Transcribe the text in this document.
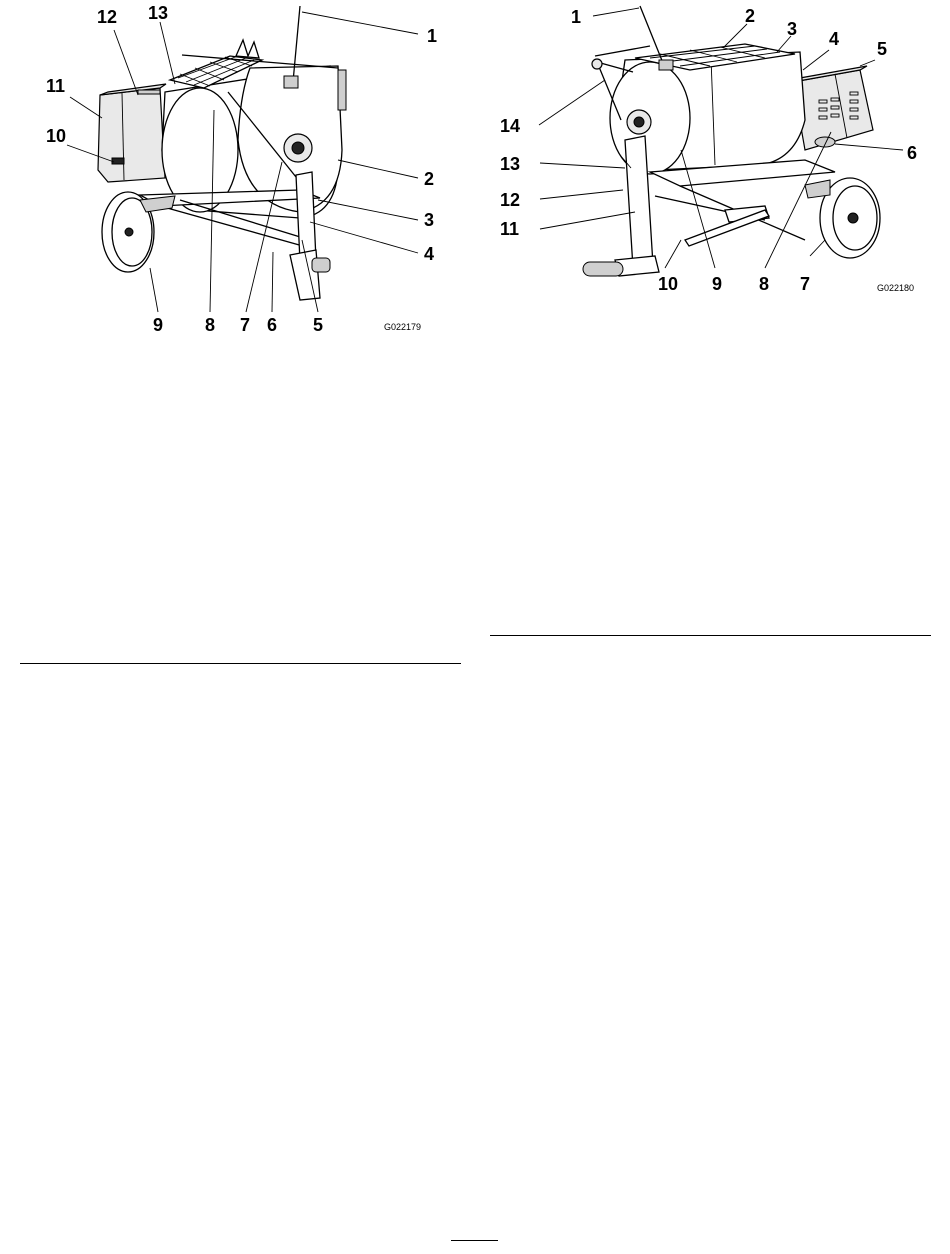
1
2
3
4
5
6
7
8
9
10
11
12 13
G022179
1	2
3 4 5
6
7
8
9
10
11
12
13
14
G022180
